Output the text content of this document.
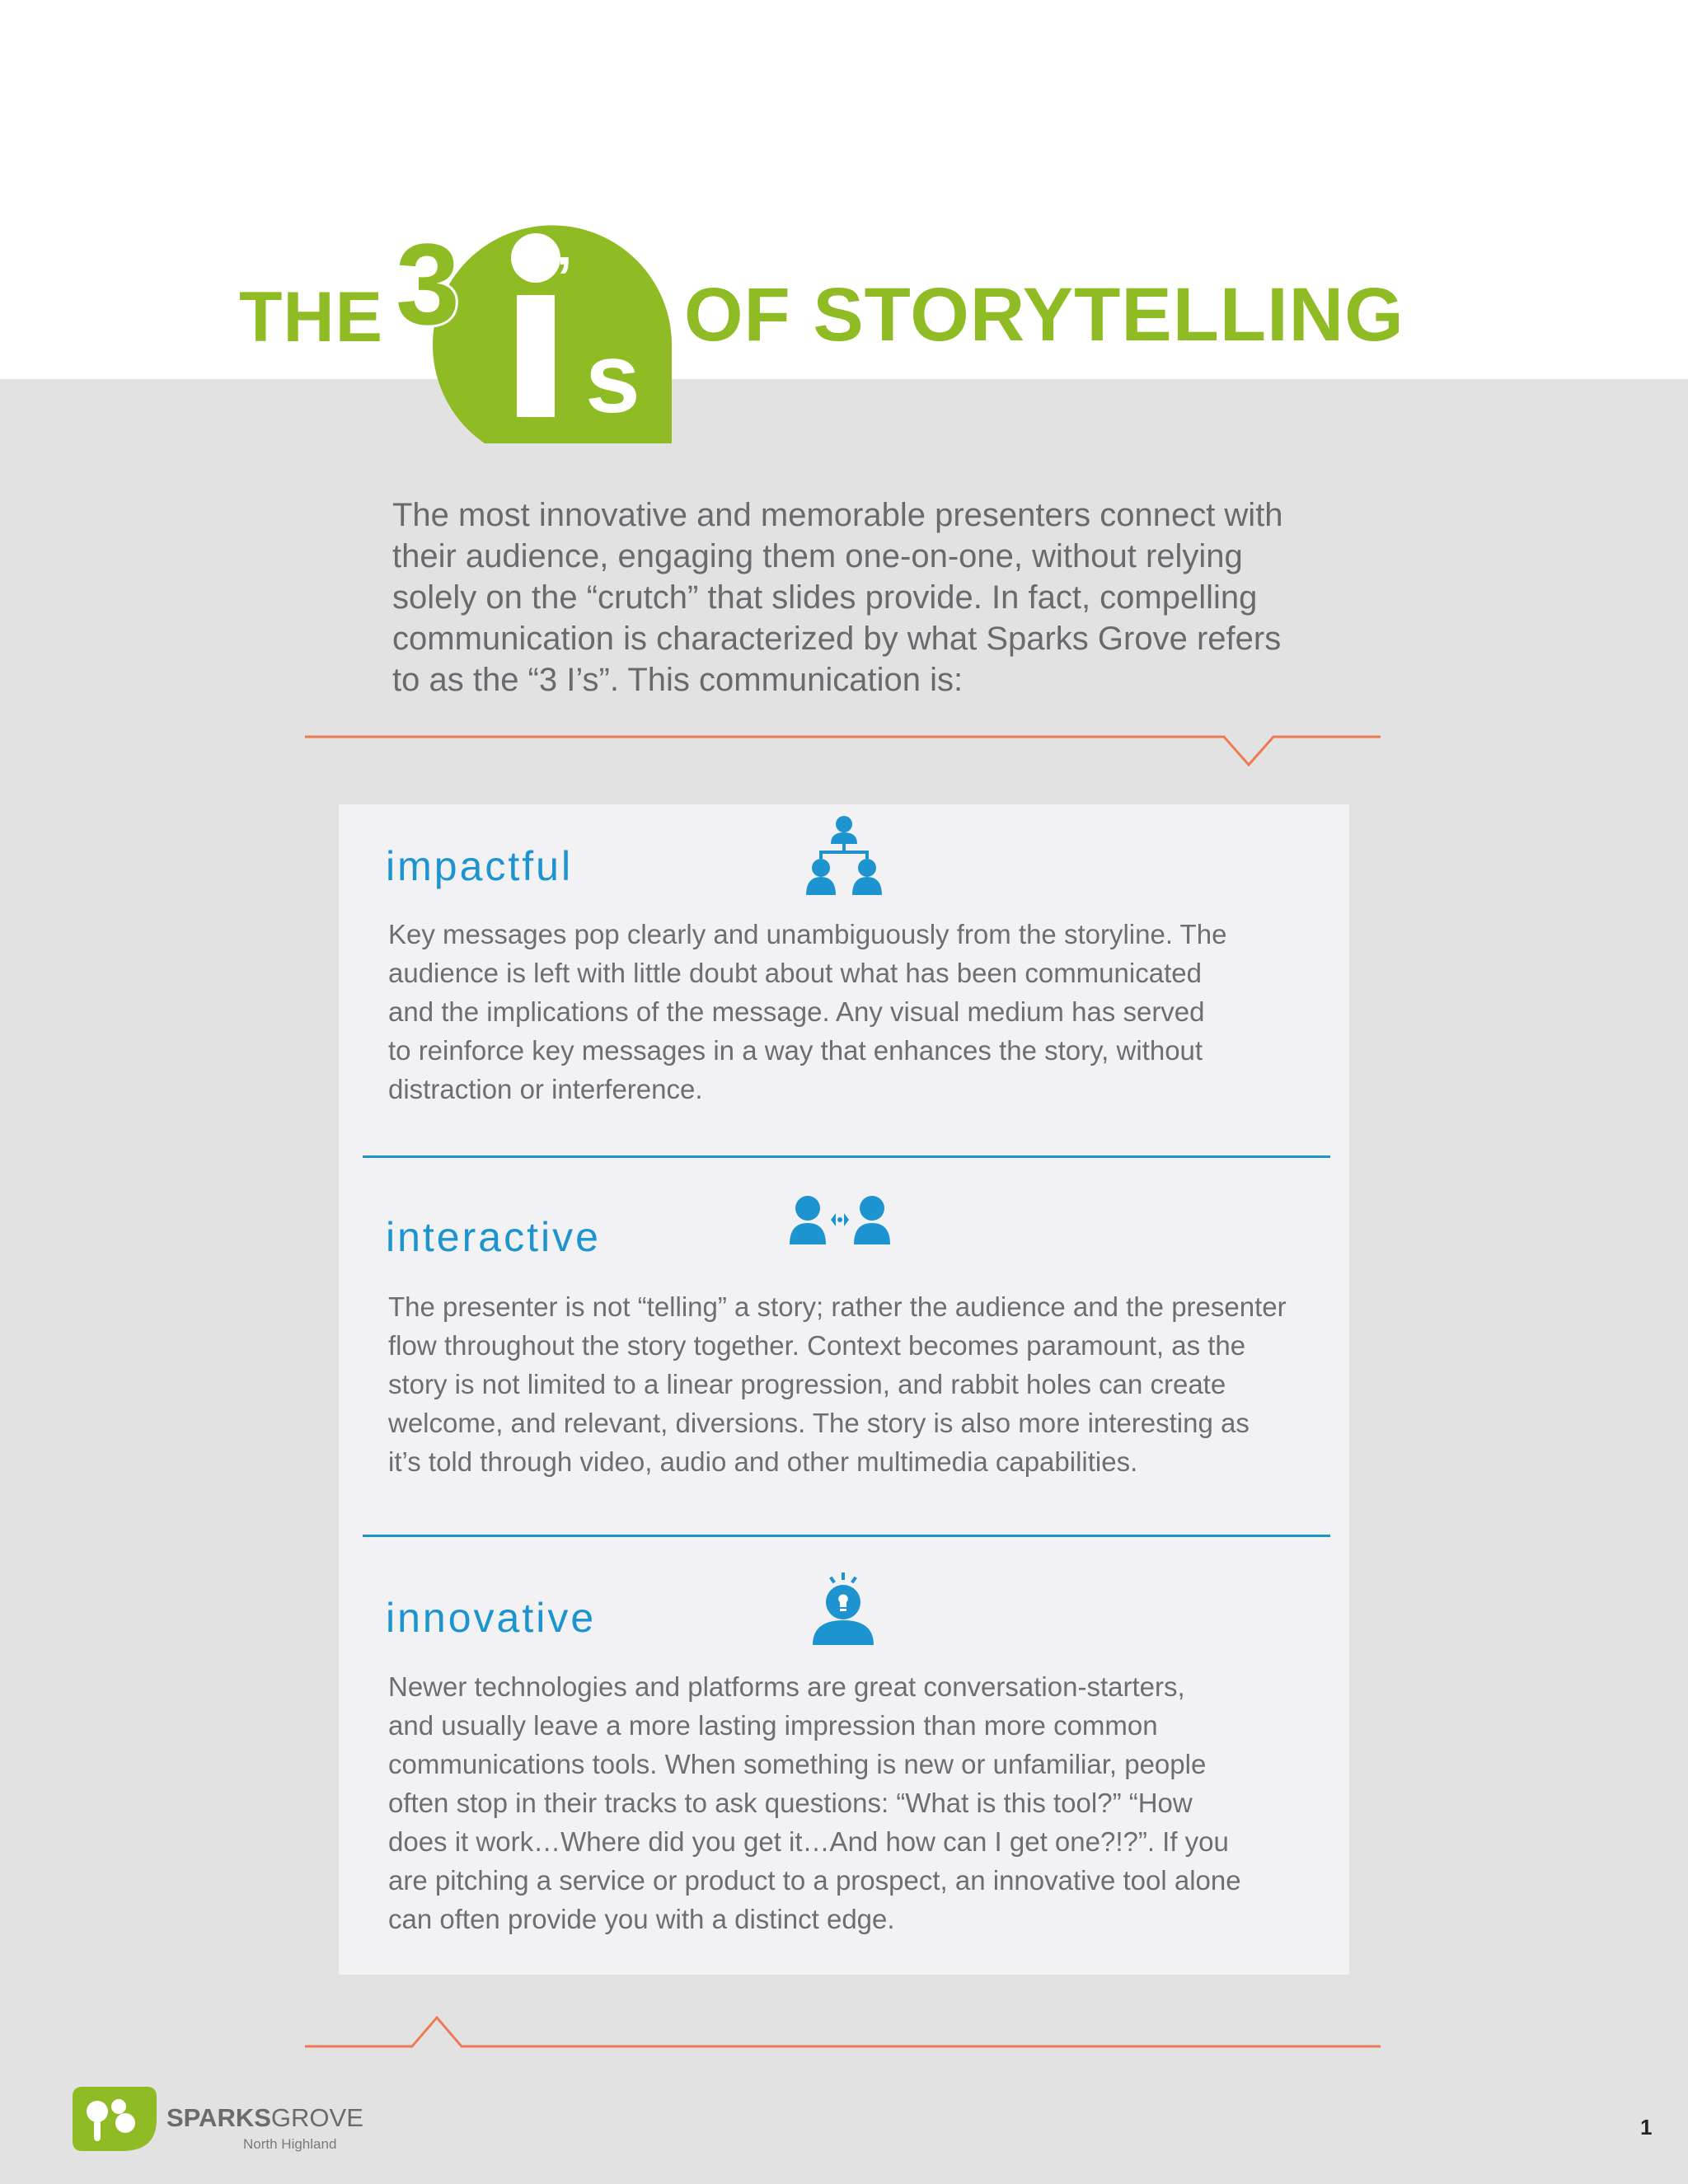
THE 3 ’
s
OF STORYTELLING
The most innovative and memorable presenters connect with
their audience, engaging them one-on-one, without relying
solely on the “crutch” that slides provide. In fact, compelling
communication is characterized by what Sparks Grove refers
to as the “3 I’s”. This communication is:
impactful
Key messages pop clearly and unambiguously from the storyline. The
audience is left with little doubt about what has been communicated
and the implications of the message. Any visual medium has served
to reinforce key messages in a way that enhances the story, without
distraction or interference.
interactive
The presenter is not “telling” a story; rather the audience and the presenter
flow throughout the story together. Context becomes paramount, as the
story is not limited to a linear progression, and rabbit holes can create
welcome, and relevant, diversions. The story is also more interesting as
it’s told through video, audio and other multimedia capabilities.
innovative
Newer technologies and platforms are great conversation-starters,
and usually leave a more lasting impression than more common
communications tools. When something is new or unfamiliar, people
often stop in their tracks to ask questions: “What is this tool?” “How
does it work…Where did you get it…And how can I get one?!?”. If you
are pitching a service or product to a prospect, an innovative tool alone
can often provide you with a distinct edge.
SPARKSGROVE
North Highland
1
